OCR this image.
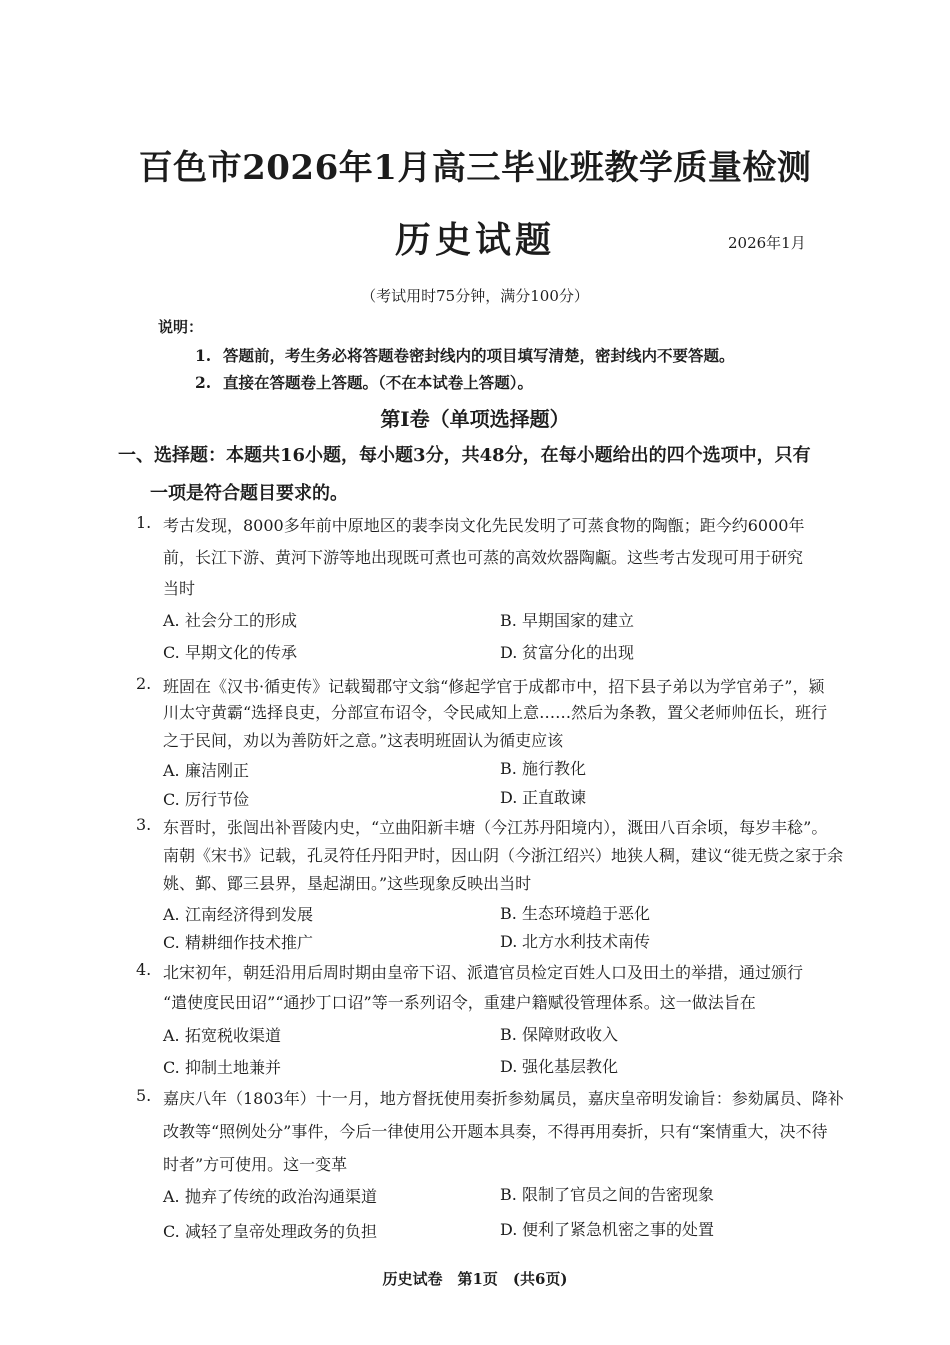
百色市2026年1月高三毕业班教学质量检测
历史试题	2026年1月
（考试用时75分钟，满分100分）
说明：
1. 答题前，考生务必将答题卷密封线内的项目填写清楚，密封线内不要答题。
2. 直接在答题卷上答题。（不在本试卷上答题）。
第Ⅰ卷（单项选择题）
一、选择题：本题共16小题，每小题3分，共48分，在每小题给出的四个选项中，只有
一项是符合题目要求的。
1. 考古发现，8000多年前中原地区的裴李岗文化先民发明了可蒸食物的陶甑；距今约6000年
前，长江下游、黄河下游等地出现既可煮也可蒸的高效炊器陶甗。这些考古发现可用于研究
当时
A. 社会分工的形成	B. 早期国家的建立
C. 早期文化的传承	D. 贫富分化的出现
2. 班固在《汉书·循吏传》记载蜀郡守文翁“修起学官于成都市中，招下县子弟以为学官弟子”，颍
川太守黄霸“选择良吏，分部宣布诏令，令民咸知上意……然后为条教，置父老师帅伍长，班行
之于民间，劝以为善防奸之意。”这表明班固认为循吏应该
A. 廉洁刚正	B. 施行教化
C. 厉行节俭	D. 正直敢谏
3. 东晋时，张闿出补晋陵内史，“立曲阳新丰塘（今江苏丹阳境内），溉田八百余顷，每岁丰稔”。
南朝《宋书》记载，孔灵符任丹阳尹时，因山阴（今浙江绍兴）地狭人稠，建议“徙无赀之家于余
姚、鄞、鄮三县界，垦起湖田。”这些现象反映出当时
A. 江南经济得到发展	B. 生态环境趋于恶化
C. 精耕细作技术推广	D. 北方水利技术南传
4. 北宋初年，朝廷沿用后周时期由皇帝下诏、派遣官员检定百姓人口及田土的举措，通过颁行
“遣使度民田诏”“通抄丁口诏”等一系列诏令，重建户籍赋役管理体系。这一做法旨在
A. 拓宽税收渠道	B. 保障财政收入
C. 抑制土地兼并	D. 强化基层教化
5. 嘉庆八年（1803年）十一月，地方督抚使用奏折参劾属员，嘉庆皇帝明发谕旨：参劾属员、降补
改教等“照例处分”事件，今后一律使用公开题本具奏，不得再用奏折，只有“案情重大，决不待
时者”方可使用。这一变革
A. 抛弃了传统的政治沟通渠道	B. 限制了官员之间的告密现象
C. 减轻了皇帝处理政务的负担	D. 便利了紧急机密之事的处置
历史试卷　第1页　(共6页)
